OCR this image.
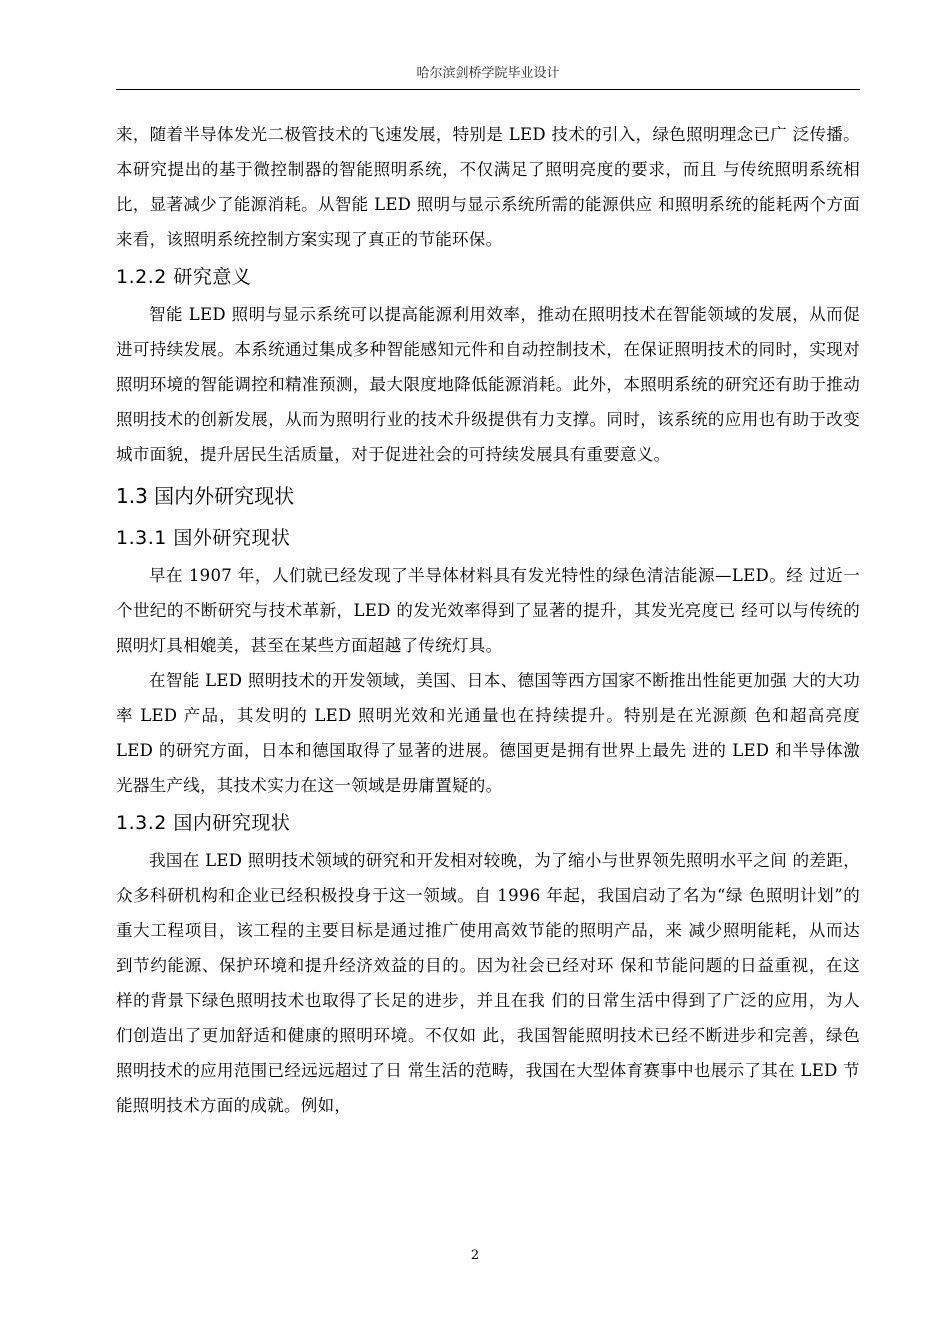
哈尔滨剑桥学院毕业设计

来，随着半导体发光二极管技术的飞速发展，特别是 LED 技术的引入，绿色照明理念已广 泛传播。本研究提出的基于微控制器的智能照明系统，不仅满足了照明亮度的要求，而且 与传统照明系统相比，显著减少了能源消耗。从智能 LED 照明与显示系统所需的能源供应 和照明系统的能耗两个方面来看，该照明系统控制方案实现了真正的节能环保。

1.2.2 研究意义

智能 LED 照明与显示系统可以提高能源利用效率，推动在照明技术在智能领域的发展，从而促进可持续发展。本系统通过集成多种智能感知元件和自动控制技术，在保证照明技术的同时，实现对照明环境的智能调控和精准预测，最大限度地降低能源消耗。此外，本照明系统的研究还有助于推动照明技术的创新发展，从而为照明行业的技术升级提供有力支撑。同时，该系统的应用也有助于改变城市面貌，提升居民生活质量，对于促进社会的可持续发展具有重要意义。

1.3 国内外研究现状
1.3.1 国外研究现状

早在 1907 年，人们就已经发现了半导体材料具有发光特性的绿色清洁能源—LED。经 过近一个世纪的不断研究与技术革新，LED 的发光效率得到了显著的提升，其发光亮度已 经可以与传统的照明灯具相媲美，甚至在某些方面超越了传统灯具。

在智能 LED 照明技术的开发领域，美国、日本、德国等西方国家不断推出性能更加强 大的大功率 LED 产品，其发明的 LED 照明光效和光通量也在持续提升。特别是在光源颜 色和超高亮度 LED 的研究方面，日本和德国取得了显著的进展。德国更是拥有世界上最先 进的 LED 和半导体激光器生产线，其技术实力在这一领域是毋庸置疑的。

1.3.2 国内研究现状

我国在 LED 照明技术领域的研究和开发相对较晚，为了缩小与世界领先照明水平之间 的差距，众多科研机构和企业已经积极投身于这一领域。自 1996 年起，我国启动了名为“绿 色照明计划”的重大工程项目，该工程的主要目标是通过推广使用高效节能的照明产品，来 减少照明能耗，从而达到节约能源、保护环境和提升经济效益的目的。因为社会已经对环 保和节能问题的日益重视，在这样的背景下绿色照明技术也取得了长足的进步，并且在我 们的日常生活中得到了广泛的应用，为人们创造出了更加舒适和健康的照明环境。不仅如 此，我国智能照明技术已经不断进步和完善，绿色照明技术的应用范围已经远远超过了日 常生活的范畴，我国在大型体育赛事中也展示了其在 LED 节能照明技术方面的成就。例如，

2
